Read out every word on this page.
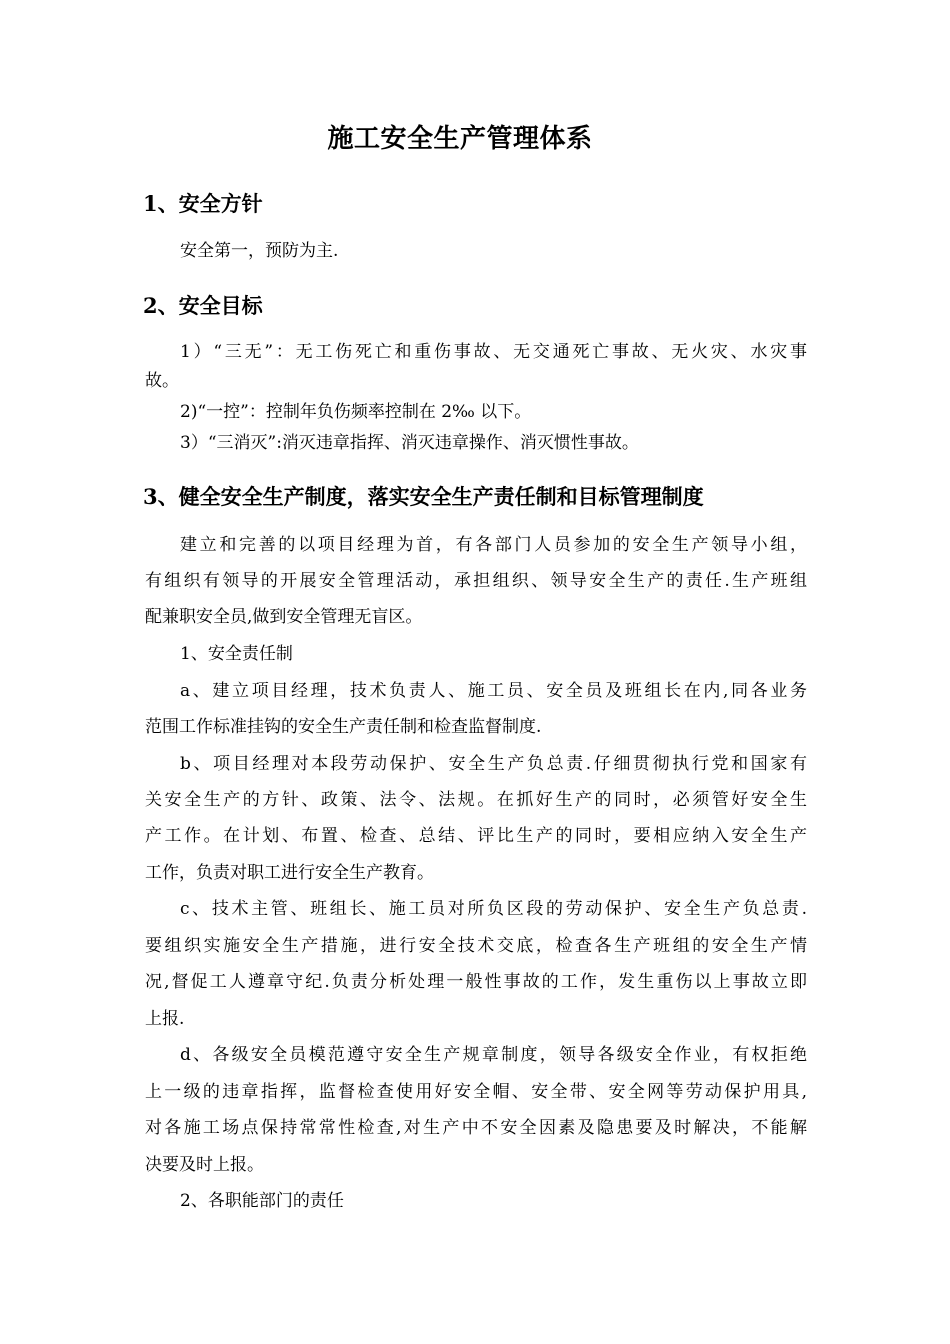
施工安全生产管理体系
1、安全方针
安全第一，预防为主.
2、安全目标
1）“三无”：无工伤死亡和重伤事故、无交通死亡事故、无火灾、水灾事
故。
2)“一控”：控制年负伤频率控制在 2‰ 以下。
3）“三消灭”:消灭违章指挥、消灭违章操作、消灭惯性事故。
3、健全安全生产制度，落实安全生产责任制和目标管理制度
建立和完善的以项目经理为首，有各部门人员参加的安全生产领导小组，
有组织有领导的开展安全管理活动，承担组织、领导安全生产的责任.生产班组
配兼职安全员,做到安全管理无盲区。
1、安全责任制
a、建立项目经理，技术负责人、施工员、安全员及班组长在内,同各业务
范围工作标准挂钩的安全生产责任制和检查监督制度.
b、项目经理对本段劳动保护、安全生产负总责.仔细贯彻执行党和国家有
关安全生产的方针、政策、法令、法规。在抓好生产的同时，必须管好安全生
产工作。在计划、布置、检查、总结、评比生产的同时，要相应纳入安全生产
工作，负责对职工进行安全生产教育。
c、技术主管、班组长、施工员对所负区段的劳动保护、安全生产负总责.
要组织实施安全生产措施，进行安全技术交底，检查各生产班组的安全生产情
况,督促工人遵章守纪.负责分析处理一般性事故的工作，发生重伤以上事故立即
上报.
d、各级安全员模范遵守安全生产规章制度，领导各级安全作业，有权拒绝
上一级的违章指挥，监督检查使用好安全帽、安全带、安全网等劳动保护用具,
对各施工场点保持常常性检查,对生产中不安全因素及隐患要及时解决，不能解
决要及时上报。
2、各职能部门的责任
